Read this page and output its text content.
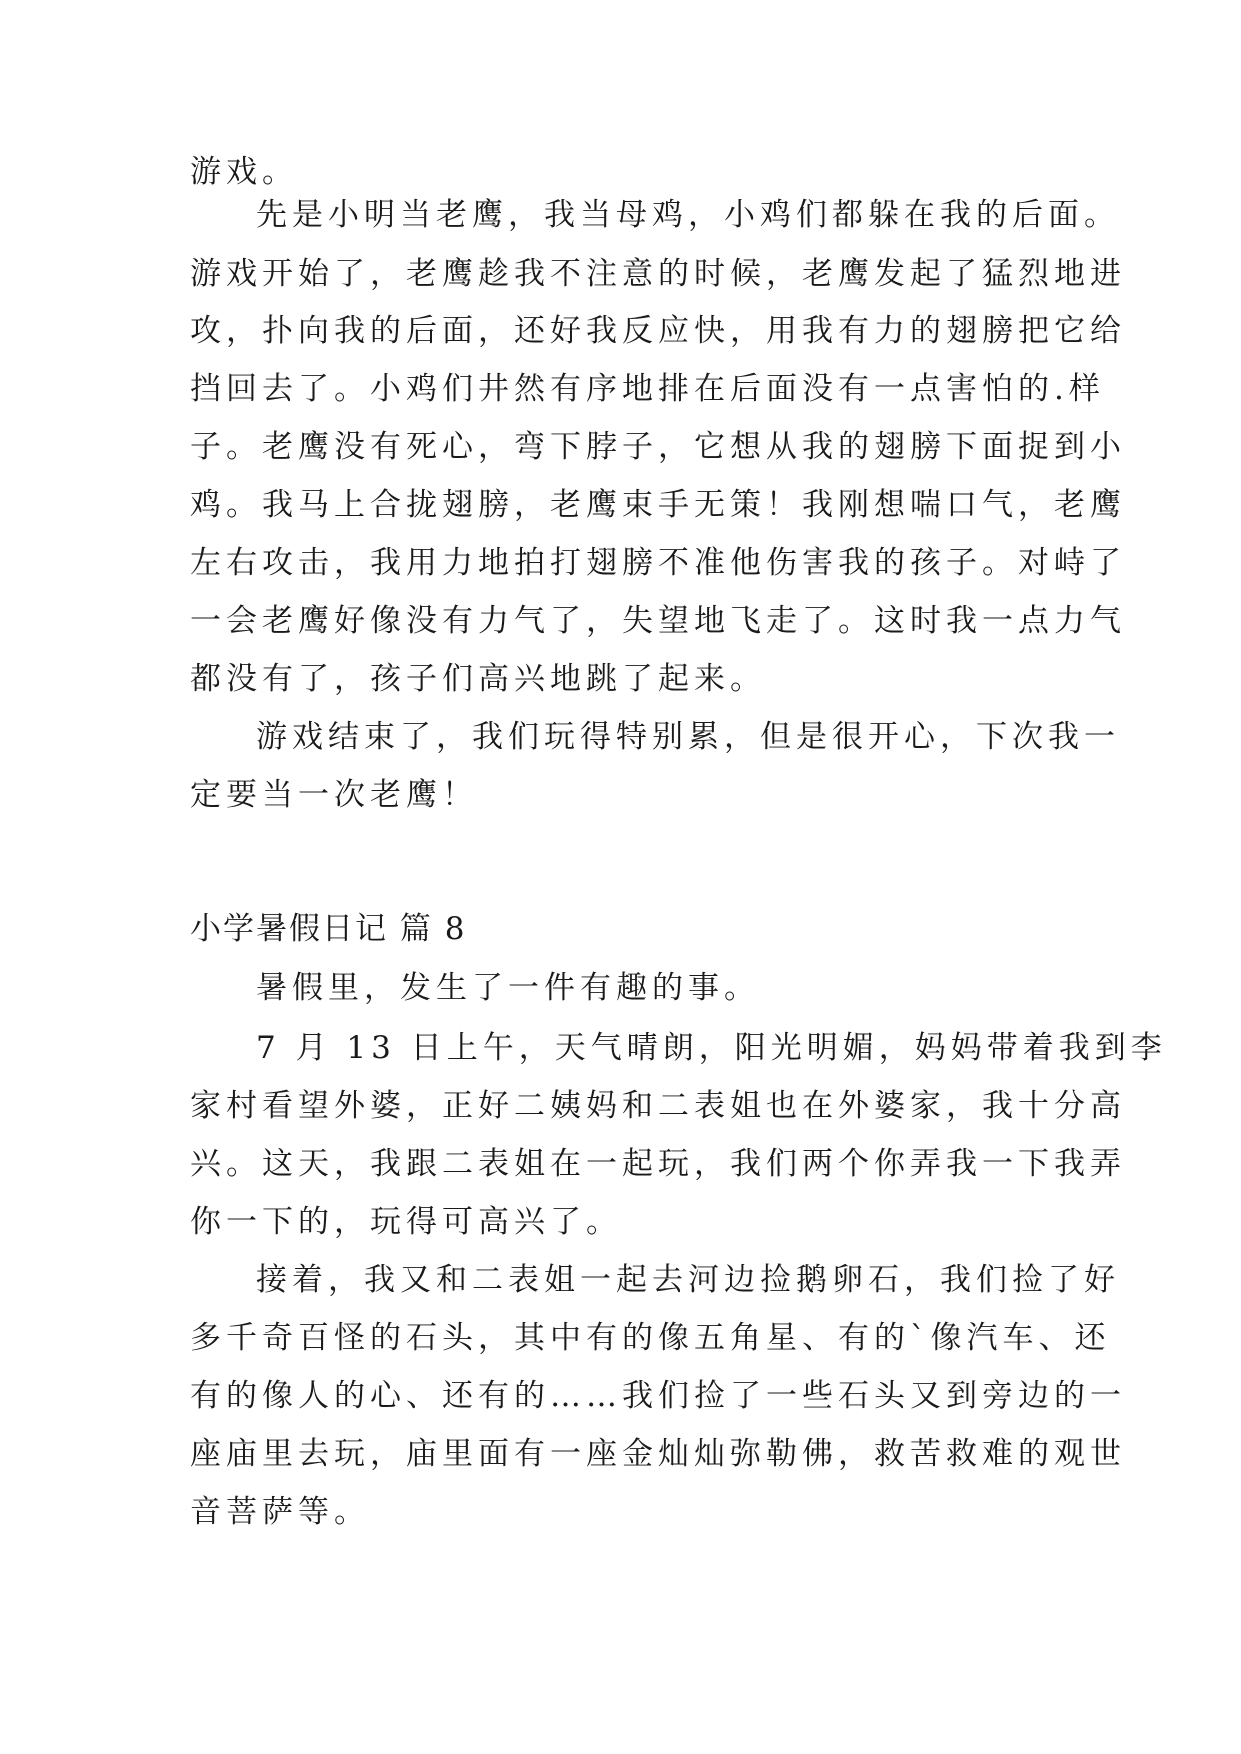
游戏。
先是小明当老鹰，我当母鸡，小鸡们都躲在我的后面。
游戏开始了，老鹰趁我不注意的时候，老鹰发起了猛烈地进
攻，扑向我的后面，还好我反应快，用我有力的翅膀把它给
挡回去了。小鸡们井然有序地排在后面没有一点害怕的.样
子。老鹰没有死心，弯下脖子，它想从我的翅膀下面捉到小
鸡。我马上合拢翅膀，老鹰束手无策！我刚想喘口气，老鹰
左右攻击，我用力地拍打翅膀不准他伤害我的孩子。对峙了
一会老鹰好像没有力气了，失望地飞走了。这时我一点力气
都没有了，孩子们高兴地跳了起来。
游戏结束了，我们玩得特别累，但是很开心，下次我一
定要当一次老鹰！
小学暑假日记 篇 8
暑假里，发生了一件有趣的事。
7 月 13 日上午，天气晴朗，阳光明媚，妈妈带着我到李
家村看望外婆，正好二姨妈和二表姐也在外婆家，我十分高
兴。这天，我跟二表姐在一起玩，我们两个你弄我一下我弄
你一下的，玩得可高兴了。
接着，我又和二表姐一起去河边捡鹅卵石，我们捡了好
多千奇百怪的石头，其中有的像五角星、有的`像汽车、还
有的像人的心、还有的……我们捡了一些石头又到旁边的一
座庙里去玩，庙里面有一座金灿灿弥勒佛，救苦救难的观世
音菩萨等。
